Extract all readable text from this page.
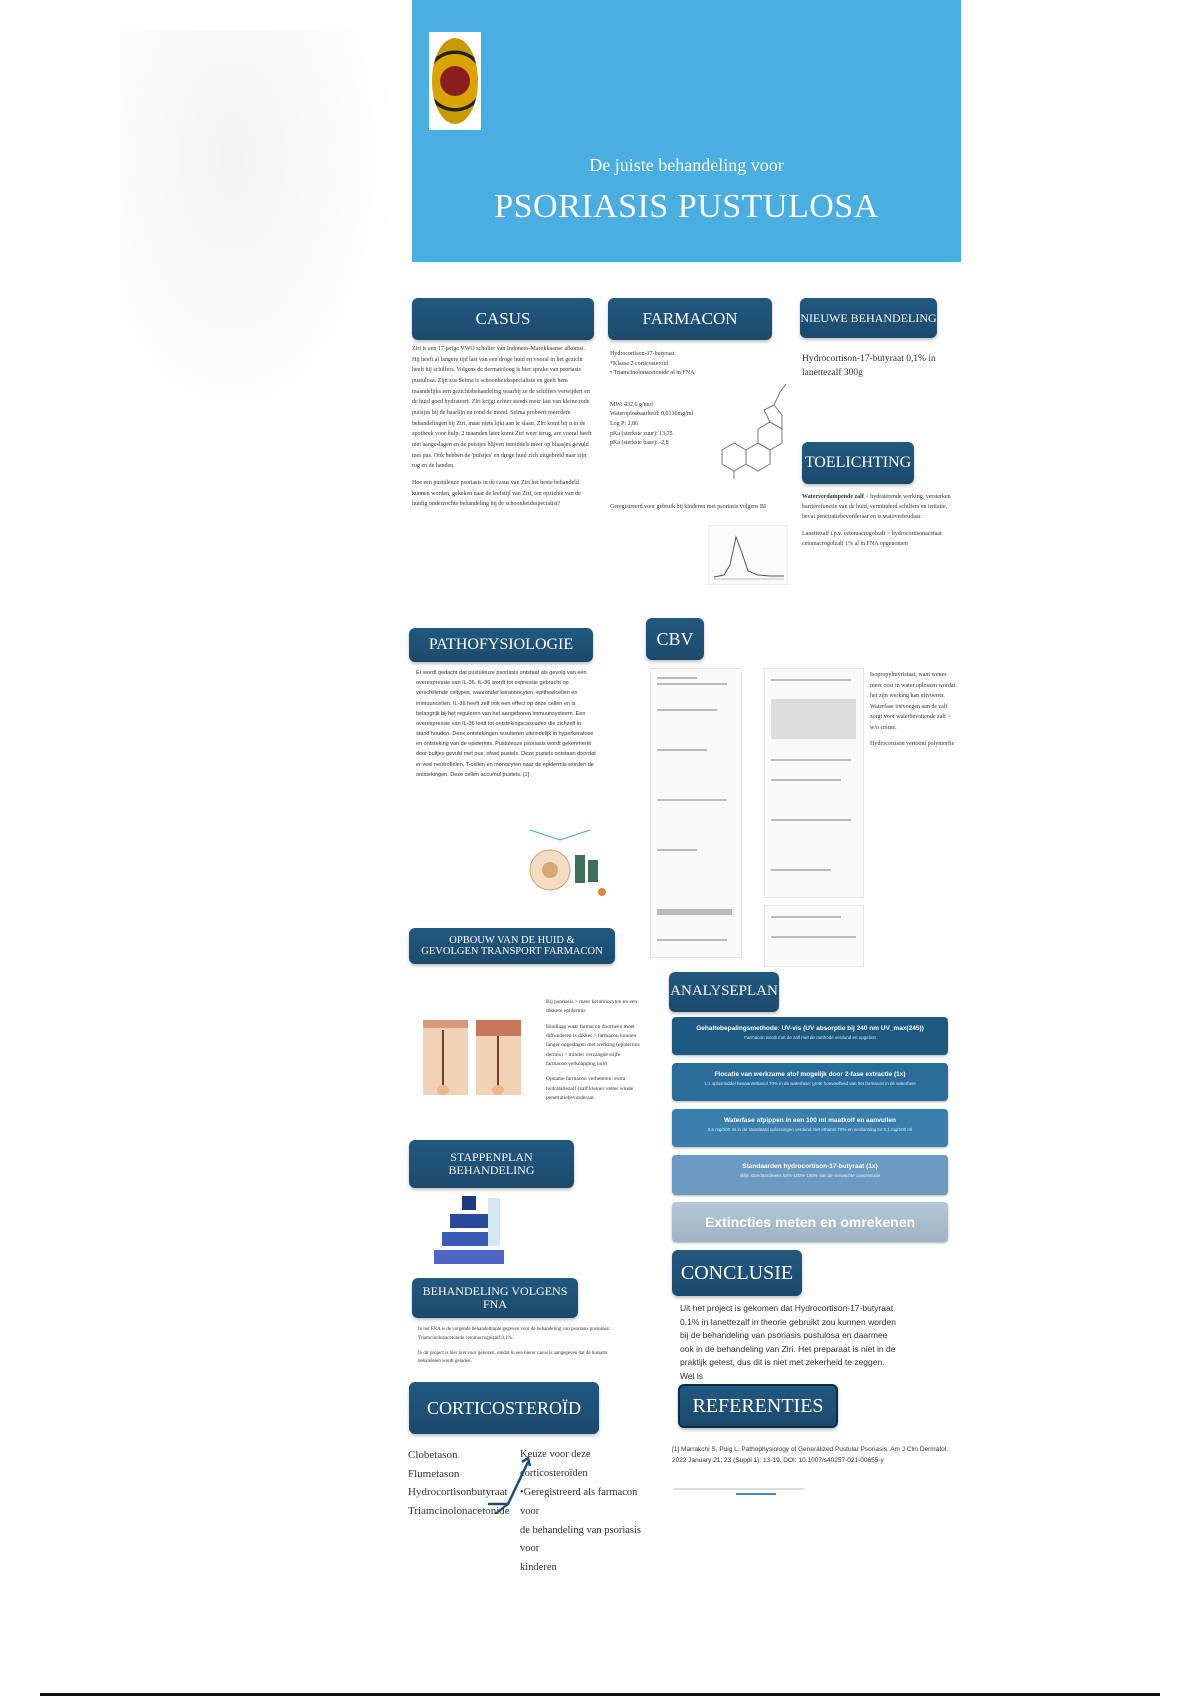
De juiste behandeling voor
PSORIASIS PUSTULOSA
CASUS

Ziri is een 17 jarige VWO scholier van Indonees-Marokkaanse afkomst. Hij heeft al langere tijd last van een droge huid en vooral in het gezicht heeft hij schilfers. Volgens de dermatoloog is hier sprake van psoriasis pustulosa. Zijn zus Selma is schoonheidsspecialiste en geeft hem maandelijks een gezichtsbehandeling waarbij ze de schilfers verwijdert en de huid goed hydrateert. Ziri krijgt echter steeds meer last van kleine rode puistjes bij de haarlijn en rond de mond. Selma probeert meerdere behandelingen bij Ziri, maar niets lijkt aan te slaan. Ziri komt bij u in de apotheek voor hulp. 2 maanden later komt Ziri weer terug, are vooral heeft niet aangeslagen en de puistjes blijven inmiddels meer op blaasjes gevuld met pus. Ook hebben de 'puistjes' en droge huid zich uitgebreid naar zijn rug en de handen.

Hoe een pustuleuze psoriasis in de casus van Ziri het beste behandeld kunnen worden, gekeken naar de leefstijl van Ziri, ten opzichte van de huidig onderzochte behandeling bij de schoonheidsspecialist?

FARMACON
Hydrocortison-17-butyraat
*Klasse 2 corticosteroïd
• Triamcinolonacetonide al in FNA
MW: 432,6 g/mol
Wateroplosbaarheid: 0,0136mg/ml
Log P: 2,86
pKa (sterkste zuur): 13,75
pKa (sterkste base): -2,8
Geregistreerd voor gebruik bij kinderen met psoriasis volgens BI
NIEUWE BEHANDELING
Hydrocortison-17-butyraat 0,1% in lanettezalf 300g
TOELICHTING

Waterverdampende zalf > hydraterende werking, versterken barrièrefunctie van de huid, verminderd schilfers en irritatie, bevat penetratiebevorderaar en is watoverbrudaar.

Lanettezalf i.p.v. cetomacrogolzalf > hydrocortisonacetaat cetomacrogolzalf 1% al in FNA opgenomen

PATHOFYSIOLOGIE
Er wordt gedacht dat pustuleuze psoriasis ontstaat als gevolg van een overexpressie van IL-36. IL-36 wordt tot expressie gebracht op verschillende celtypes, waaronder keratinocyten, epitheelcellen en immuuncellen. IL-36 heeft zelf ook een effect op deze cellen en is belangrijk bij het reguleren van het aangeboren immuunsysteem. Een overexpressie van IL-36 leidt tot ontstekingscascades die zichzelf in stand houden. Deze ontstekingen resulteren uiteindelijk in hyperkeratose en ontsteking van de epidermis. Pustuleuze psoriasis wordt gekenmerkt door bultjes gevuld met pus, ofwel pustels. Deze pustels ontstaan doordat er veel neutrofielen, T-cellen en monocyten naar de epidermis worden de ontstekingen. Deze cellen accumul pustels. [1]
CBV

Isopropylmyristaat, want wenes meer oost in water oplossen wordat het zijn werking kan uitvoeren. Waterfase toevoegen aan de zalf zorgt voor waterbevattende zalf > w/o crème.

Hydrocortison vertoont polymorfie

OPBOUW VAN DE HUID &
GEVOLGEN TRANSPORT FARMACON

Bij psoriasis > meer keratinocyten en een dikkere epidermis

Huidlaag waar farmacon doorheen moet diffunderen is dikker > farmacon kunnen langer opgeslagen met werking (epidermis dermis) > minder verzaagde stijfe farmacon verknapping huid

Opname farmacon verbeteren: extra hydratatiezalf (zalf kleiner vetter winde penetratiebevorderaar

STAPPENPLAN
BEHANDELING
BEHANDELING VOLGENS FNA

In het FNA is de volgende behandeltrapte gegeven voor de behandeling van psoriasis pustulosa: Triamcinolonacetonide cetomacrogolzalf 0,1%.

In dit project is hier niet voor gekozen, omdat in een hierer casus is aangegeven dat de huisarts behandelen wordt geladen.

CORTICOSTEROÏD
Clobetason
Flumetason
Hydrocortisonbutyraat
Triamcinolonacetonide
Keuze voor deze corticosteroïden
•Geregistreerd als farmacon voor
de behandeling van psoriasis voor
kinderen
ANALYSEPLAN
Gehaltebepalingsmethode: UV-vis (UV absorptie bij 240 nm UV_max(245))
Farmacon wordt met de zalf met de methode verdund en opgelost
Flocatie van werkzame stof mogelijk door 2-fase extractie (1x)
1:1 oplosmiddel hexaan/ethanol 70% in de waterfase; grote hoeveelheid van het farmacon in de waterfase
Waterfase afpippen in een 100 ml maatkolf en aanvullen
0,5 mg/100 ml in de standaard oplossingen verdund met ethanol 70% en verdunning tot 0,1 mg/100 ml
Standaarden hydrocortison-17-butyraat (1x)
ijklijn standaardreeks 50%-100%-150% van de verwachte concentratie
Extincties meten en omrekenen
CONCLUSIE
Uit het project is gekomen dat Hydrocortison-17-butyraat 0,1% in lanettezalf in theorie gebruikt zou kunnen worden bij de behandeling van psoriasis pustulosa en daarmee ook in de behandeling van Ziri. Het preparaat is niet in de praktijk getest, dus dit is niet met zekerheid te zeggen. Wel is
REFERENTIES
[1] Marrakchi S, Puig L. Pathophysiology of Generalized Pustular Psoriasis. Am J Clin Dermatol. 2022 January 21; 23 (Suppl 1): 13-19. DOI: 10.1007/s40257-021-00655-y
